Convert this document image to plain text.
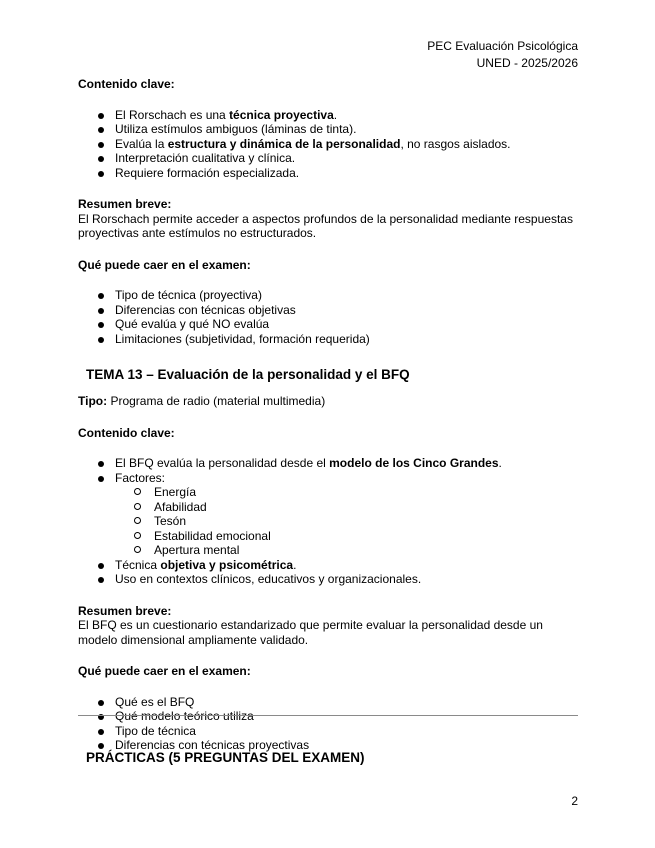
PEC Evaluación Psicológica
UNED - 2025/2026

Contenido clave:

El Rorschach es una técnica proyectiva.
Utiliza estímulos ambiguos (láminas de tinta).
Evalúa la estructura y dinámica de la personalidad, no rasgos aislados.
Interpretación cualitativa y clínica.
Requiere formación especializada.

Resumen breve:

El Rorschach permite acceder a aspectos profundos de la personalidad mediante respuestas proyectivas ante estímulos no estructurados.

Qué puede caer en el examen:

Tipo de técnica (proyectiva)
Diferencias con técnicas objetivas
Qué evalúa y qué NO evalúa
Limitaciones (subjetividad, formación requerida)

TEMA 13 – Evaluación de la personalidad y el BFQ

Tipo: Programa de radio (material multimedia)

Contenido clave:

El BFQ evalúa la personalidad desde el modelo de los Cinco Grandes.
Factores:
Energía
Afabilidad
Tesón
Estabilidad emocional
Apertura mental
Técnica objetiva y psicométrica.
Uso en contextos clínicos, educativos y organizacionales.

Resumen breve:

El BFQ es un cuestionario estandarizado que permite evaluar la personalidad desde un modelo dimensional ampliamente validado.

Qué puede caer en el examen:

Qué es el BFQ
Qué modelo teórico utiliza
Tipo de técnica
Diferencias con técnicas proyectivas
PRÁCTICAS (5 PREGUNTAS DEL EXAMEN)
2
